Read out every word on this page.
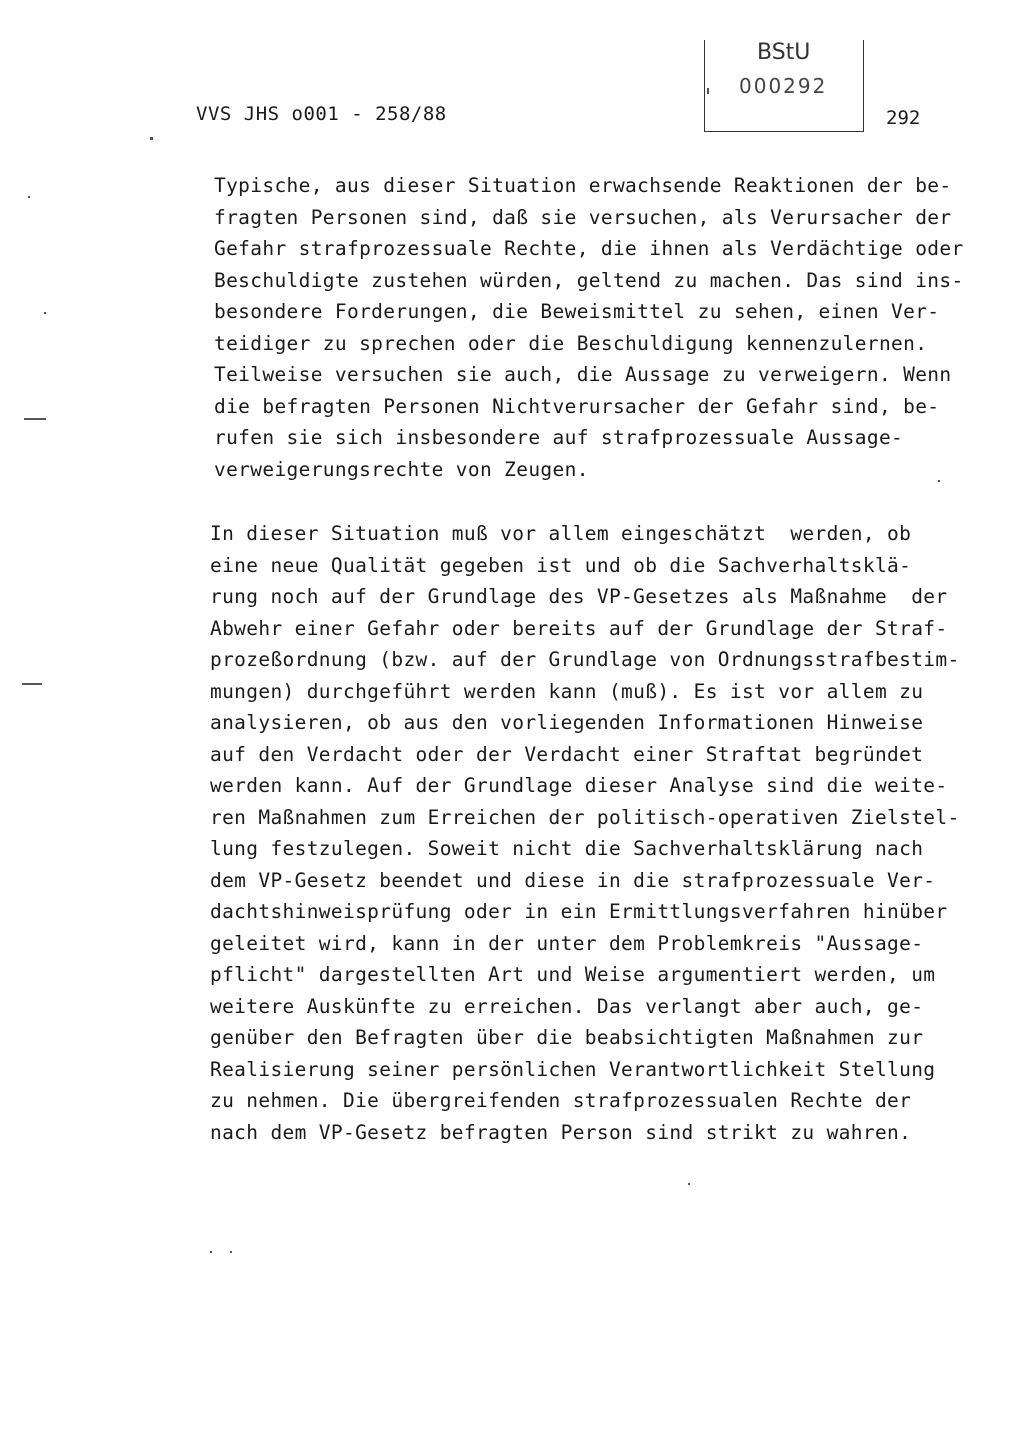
VVS JHS o001 - 258/88
BStU
000292
292
Typische, aus dieser Situation erwachsende Reaktionen der be-
fragten Personen sind, daß sie versuchen, als Verursacher der
Gefahr strafprozessuale Rechte, die ihnen als Verdächtige oder
Beschuldigte zustehen würden, geltend zu machen. Das sind ins-
besondere Forderungen, die Beweismittel zu sehen, einen Ver-
teidiger zu sprechen oder die Beschuldigung kennenzulernen.
Teilweise versuchen sie auch, die Aussage zu verweigern. Wenn
die befragten Personen Nichtverursacher der Gefahr sind, be-
rufen sie sich insbesondere auf strafprozessuale Aussage-
verweigerungsrechte von Zeugen.
In dieser Situation muß vor allem eingeschätzt  werden, ob
eine neue Qualität gegeben ist und ob die Sachverhaltsklä-
rung noch auf der Grundlage des VP-Gesetzes als Maßnahme  der
Abwehr einer Gefahr oder bereits auf der Grundlage der Straf-
prozeßordnung (bzw. auf der Grundlage von Ordnungsstrafbestim-
mungen) durchgeführt werden kann (muß). Es ist vor allem zu
analysieren, ob aus den vorliegenden Informationen Hinweise
auf den Verdacht oder der Verdacht einer Straftat begründet
werden kann. Auf der Grundlage dieser Analyse sind die weite-
ren Maßnahmen zum Erreichen der politisch-operativen Zielstel-
lung festzulegen. Soweit nicht die Sachverhaltsklärung nach
dem VP-Gesetz beendet und diese in die strafprozessuale Ver-
dachtshinweisprüfung oder in ein Ermittlungsverfahren hinüber
geleitet wird, kann in der unter dem Problemkreis "Aussage-
pflicht" dargestellten Art und Weise argumentiert werden, um
weitere Auskünfte zu erreichen. Das verlangt aber auch, ge-
genüber den Befragten über die beabsichtigten Maßnahmen zur
Realisierung seiner persönlichen Verantwortlichkeit Stellung
zu nehmen. Die übergreifenden strafprozessualen Rechte der
nach dem VP-Gesetz befragten Person sind strikt zu wahren.
